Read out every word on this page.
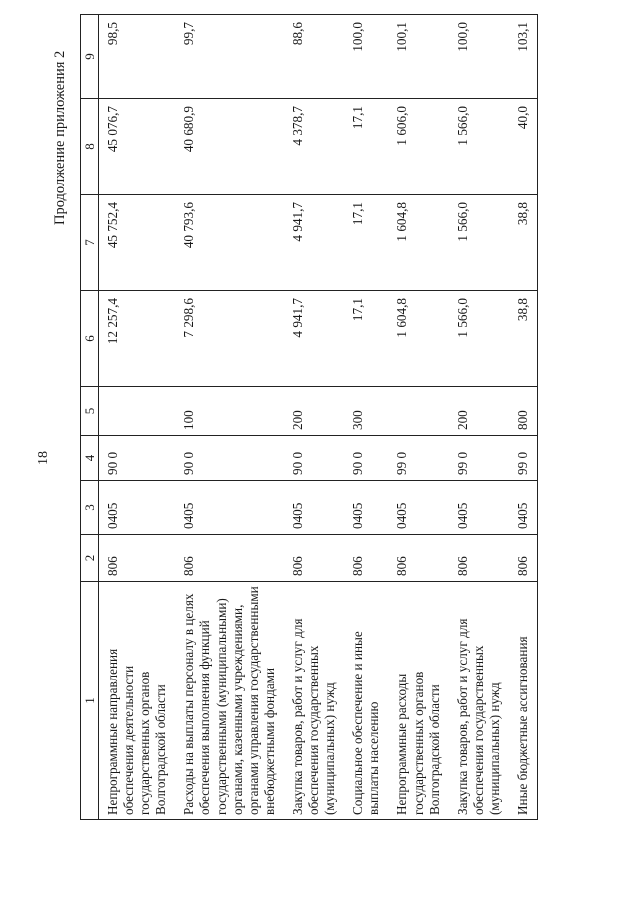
18
Продолжение приложения 2
1	2	3	4	5	6	7	8	9
Непрограммные направления обеспечения деятельности государственных органов Волгоградской области	806	0405	90 0		12 257,4	45 752,4	45 076,7	98,5
Расходы на выплаты персоналу в целях обеспечения выполнения функций государственными (муниципальными) органами, казенными учреждениями, органами управления государственными внебюджетными фондами	806	0405	90 0	100	7 298,6	40 793,6	40 680,9	99,7
Закупка товаров, работ и услуг для обеспечения государственных (муниципальных) нужд	806	0405	90 0	200	4 941,7	4 941,7	4 378,7	88,6
Социальное обеспечение и иные выплаты населению	806	0405	90 0	300	17,1	17,1	17,1	100,0
Непрограммные расходы государственных органов Волгоградской области	806	0405	99 0		1 604,8	1 604,8	1 606,0	100,1
Закупка товаров, работ и услуг для обеспечения государственных (муниципальных) нужд	806	0405	99 0	200	1 566,0	1 566,0	1 566,0	100,0
Иные бюджетные ассигнования	806	0405	99 0	800	38,8	38,8	40,0	103,1
